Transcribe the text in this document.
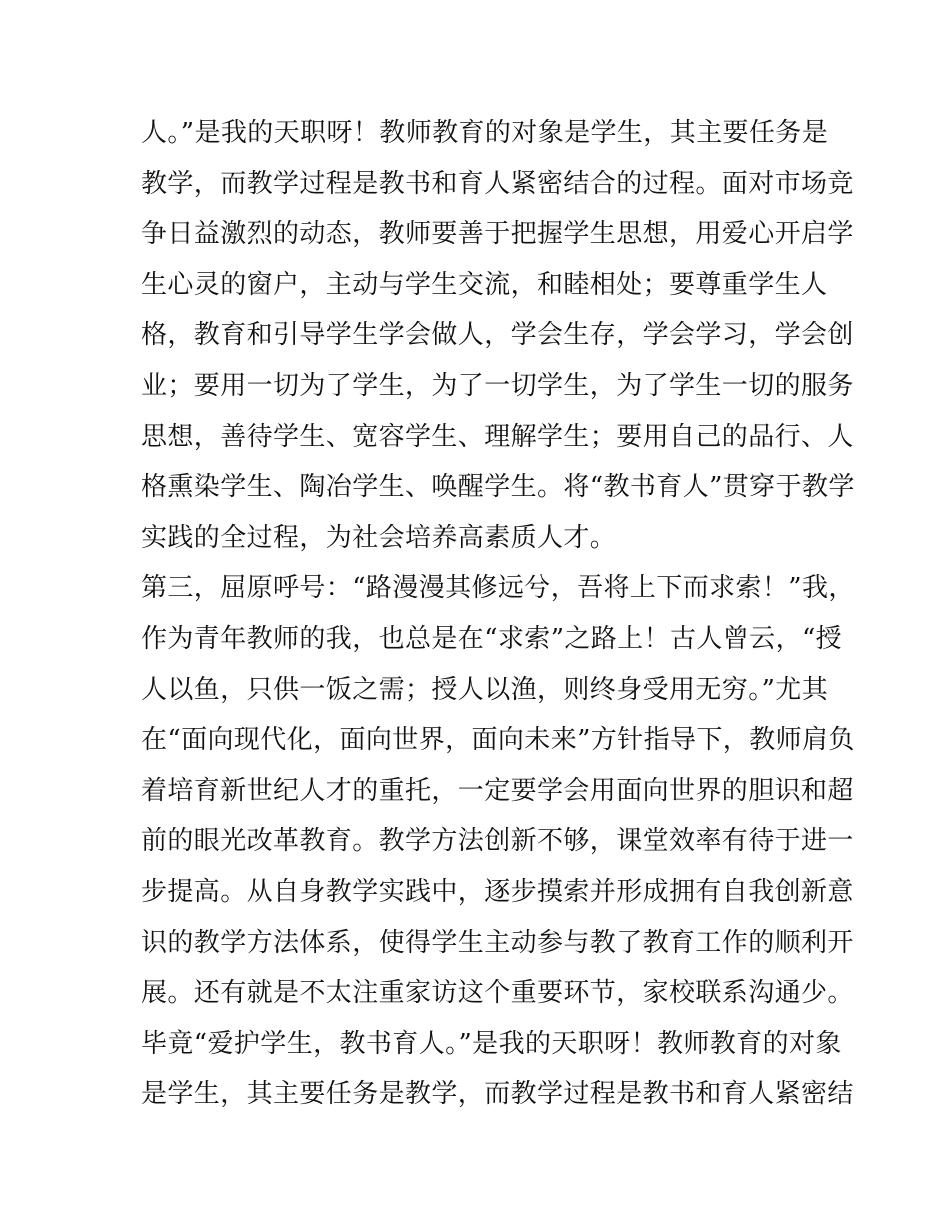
人。”是我的天职呀！教师教育的对象是学生，其主要任务是
教学，而教学过程是教书和育人紧密结合的过程。面对市场竞
争日益激烈的动态，教师要善于把握学生思想，用爱心开启学
生心灵的窗户，主动与学生交流，和睦相处；要尊重学生人
格，教育和引导学生学会做人，学会生存，学会学习，学会创
业；要用一切为了学生，为了一切学生，为了学生一切的服务
思想，善待学生、宽容学生、理解学生；要用自己的品行、人
格熏染学生、陶冶学生、唤醒学生。将“教书育人”贯穿于教学
实践的全过程，为社会培养高素质人才。
第三，屈原呼号：“路漫漫其修远兮，吾将上下而求索！”我，
作为青年教师的我，也总是在“求索”之路上！古人曾云，“授
人以鱼，只供一饭之需；授人以渔，则终身受用无穷。”尤其
在“面向现代化，面向世界，面向未来”方针指导下，教师肩负
着培育新世纪人才的重托，一定要学会用面向世界的胆识和超
前的眼光改革教育。教学方法创新不够，课堂效率有待于进一
步提高。从自身教学实践中，逐步摸索并形成拥有自我创新意
识的教学方法体系，使得学生主动参与教了教育工作的顺利开
展。还有就是不太注重家访这个重要环节，家校联系沟通少。
毕竟“爱护学生，教书育人。”是我的天职呀！教师教育的对象
是学生，其主要任务是教学，而教学过程是教书和育人紧密结
